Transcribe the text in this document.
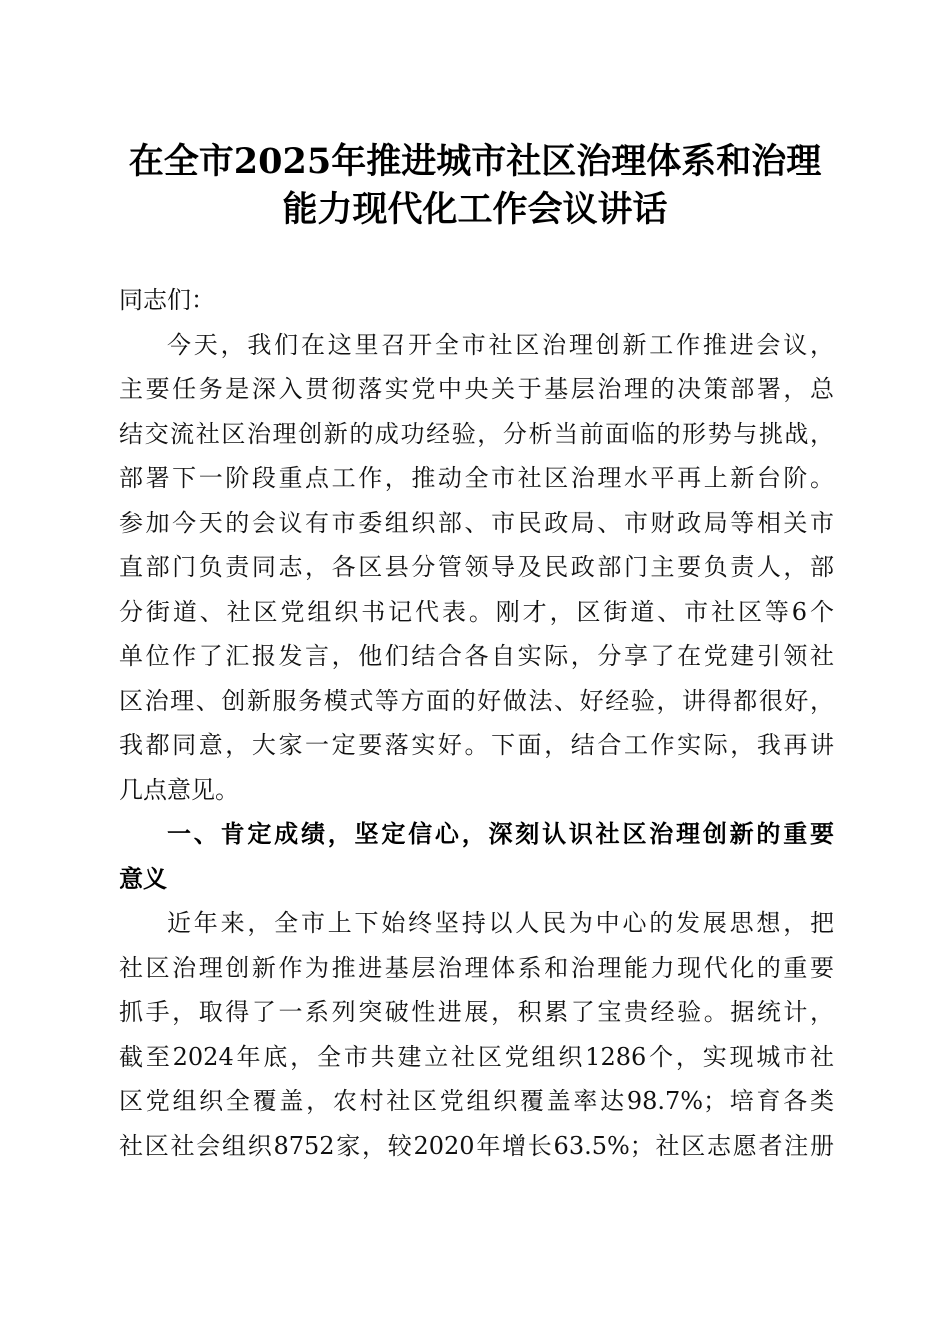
在全市2025年推进城市社区治理体系和治理
能力现代化工作会议讲话
同志们：
今天，我们在这里召开全市社区治理创新工作推进会议，
主要任务是深入贯彻落实党中央关于基层治理的决策部署，总
结交流社区治理创新的成功经验，分析当前面临的形势与挑战，
部署下一阶段重点工作，推动全市社区治理水平再上新台阶。
参加今天的会议有市委组织部、市民政局、市财政局等相关市
直部门负责同志，各区县分管领导及民政部门主要负责人，部
分街道、社区党组织书记代表。刚才，区街道、市社区等6个
单位作了汇报发言，他们结合各自实际，分享了在党建引领社
区治理、创新服务模式等方面的好做法、好经验，讲得都很好，
我都同意，大家一定要落实好。下面，结合工作实际，我再讲
几点意见。
一、肯定成绩，坚定信心，深刻认识社区治理创新的重要
意义
近年来，全市上下始终坚持以人民为中心的发展思想，把
社区治理创新作为推进基层治理体系和治理能力现代化的重要
抓手，取得了一系列突破性进展，积累了宝贵经验。据统计，
截至2024年底，全市共建立社区党组织1286个，实现城市社
区党组织全覆盖，农村社区党组织覆盖率达98.7%；培育各类
社区社会组织8752家，较2020年增长63.5%；社区志愿者注册
